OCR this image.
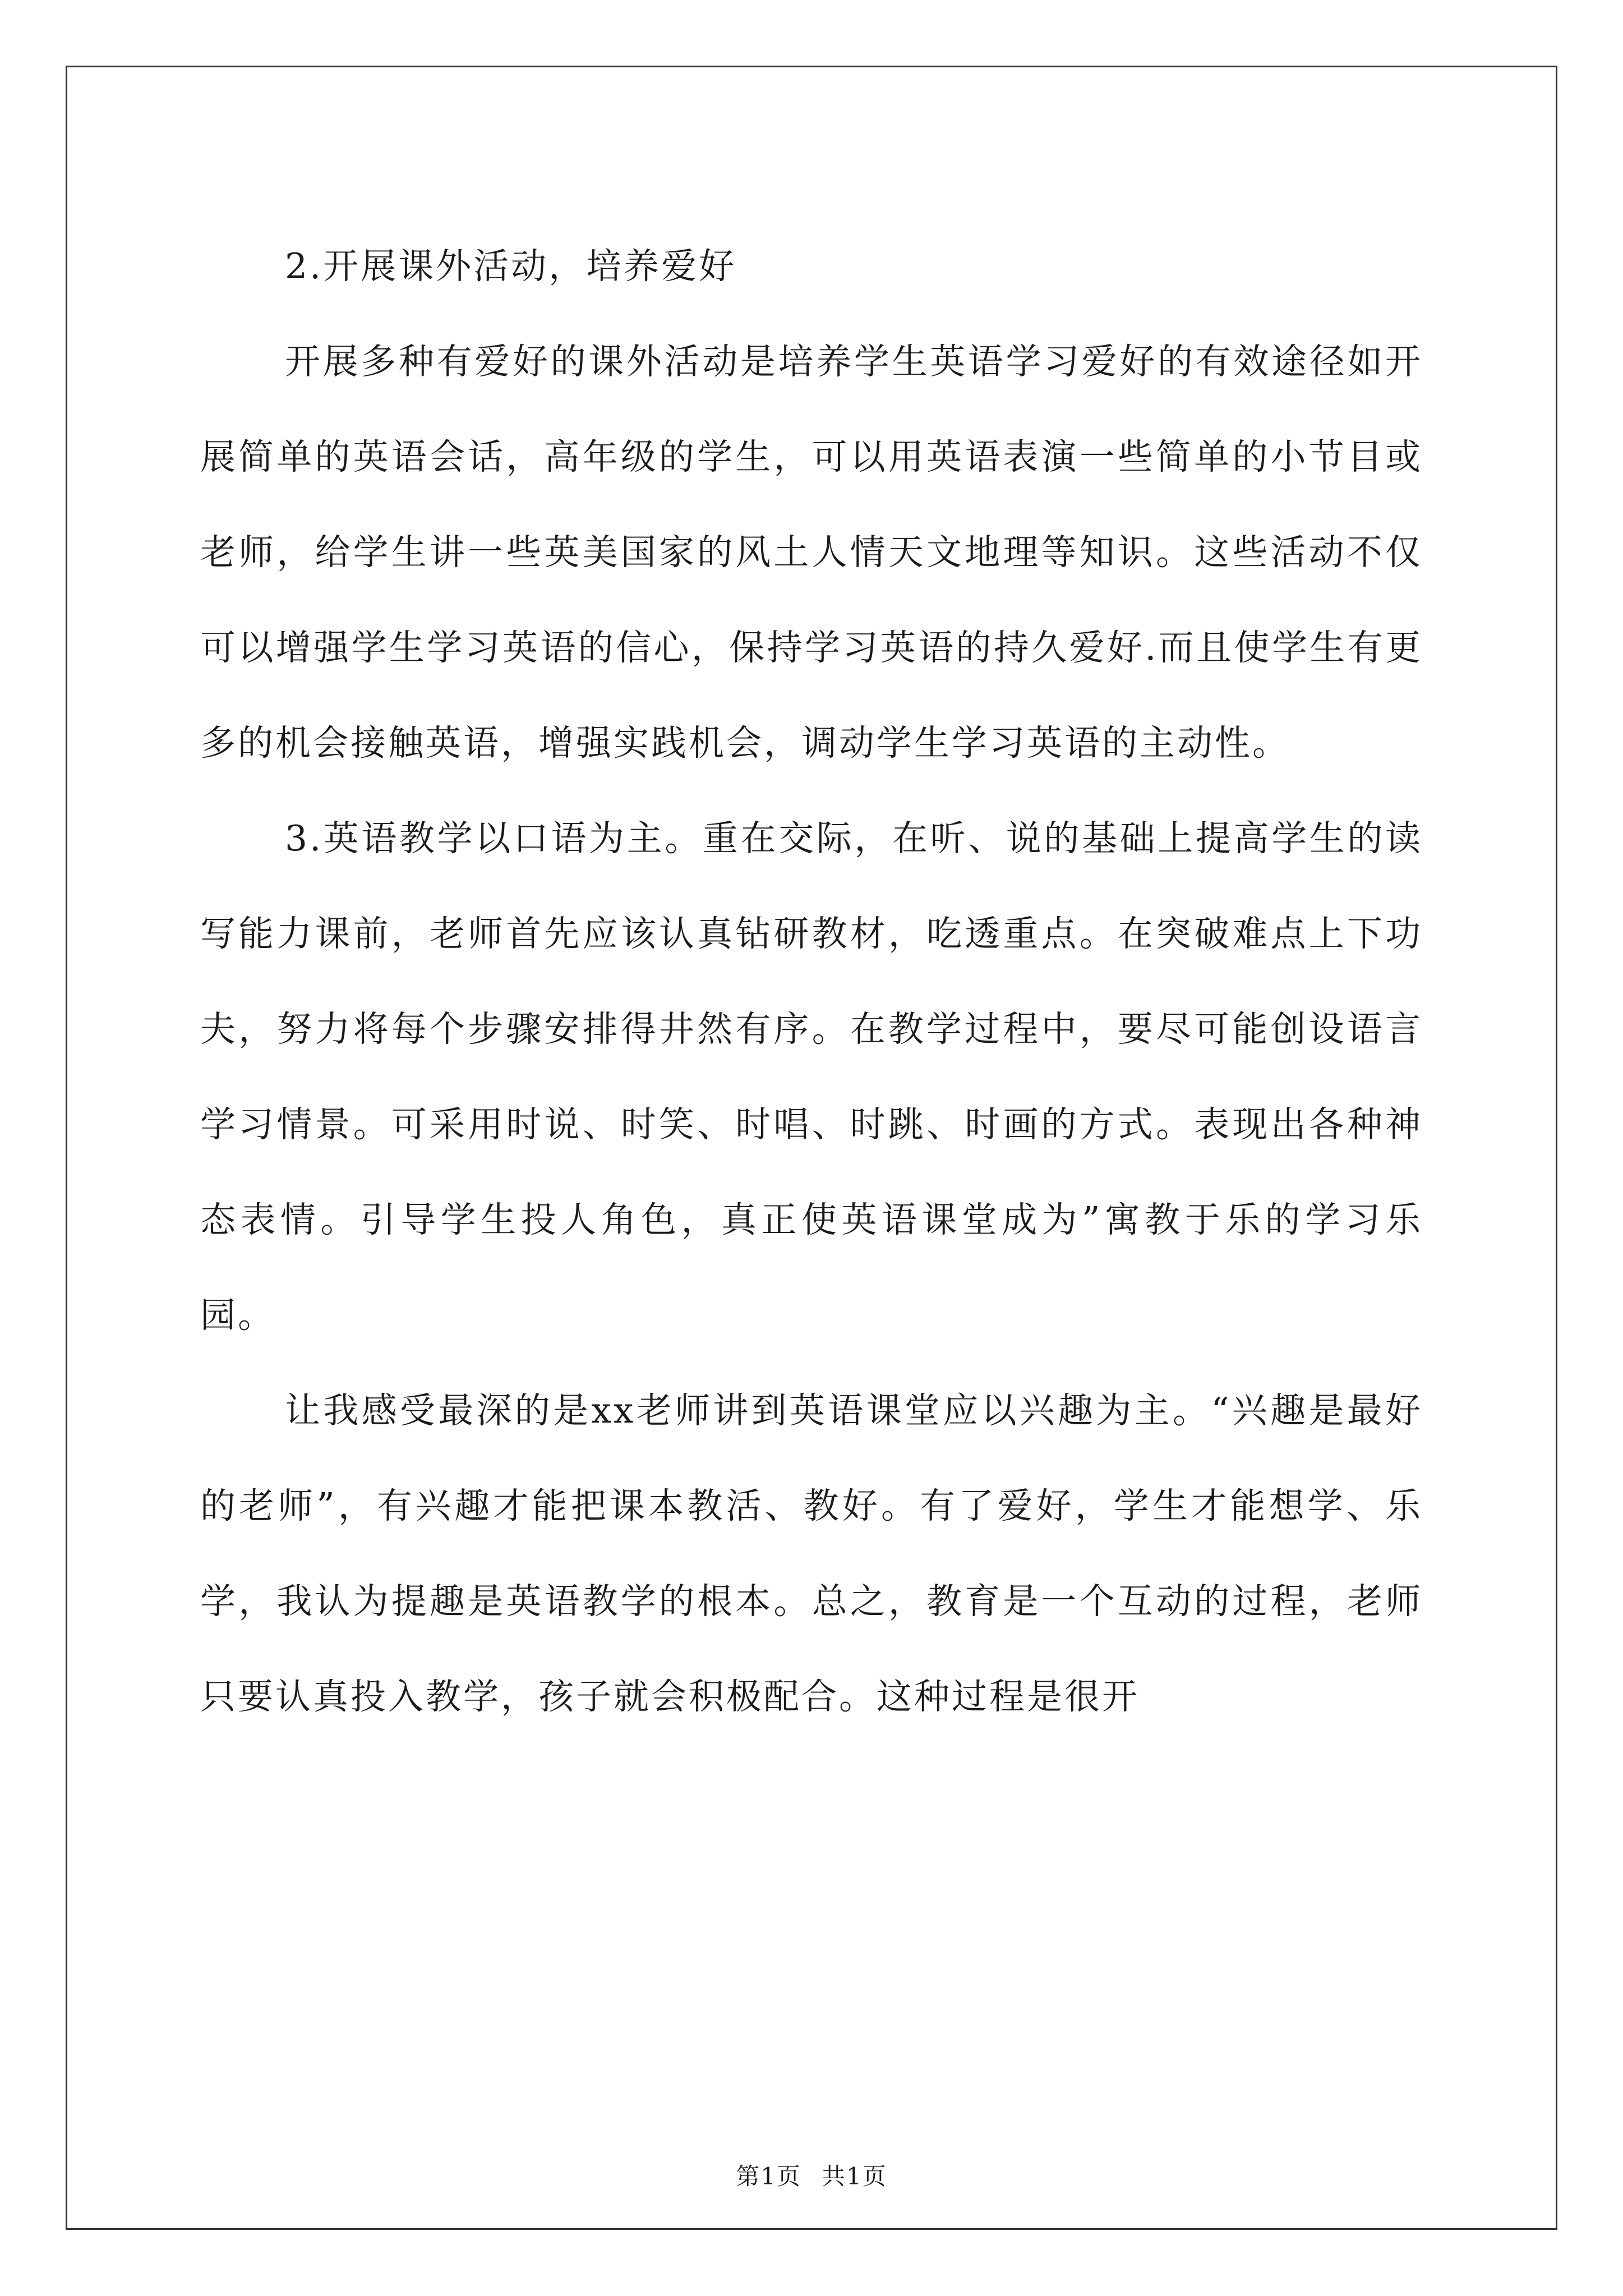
2.开展课外活动，培养爱好

开展多种有爱好的课外活动是培养学生英语学习爱好的有效途径如开展简单的英语会话，高年级的学生，可以用英语表演一些简单的小节目或老师，给学生讲一些英美国家的风土人情天文地理等知识。这些活动不仅可以增强学生学习英语的信心，保持学习英语的持久爱好.而且使学生有更多的机会接触英语，增强实践机会，调动学生学习英语的主动性。

3.英语教学以口语为主。重在交际，在听、说的基础上提高学生的读写能力课前，老师首先应该认真钻研教材，吃透重点。在突破难点上下功夫，努力将每个步骤安排得井然有序。在教学过程中，要尽可能创设语言学习情景。可采用时说、时笑、时唱、时跳、时画的方式。表现出各种神态表情。引导学生投人角色，真正使英语课堂成为”寓教于乐的学习乐园。

让我感受最深的是xx老师讲到英语课堂应以兴趣为主。“兴趣是最好的老师”，有兴趣才能把课本教活、教好。有了爱好，学生才能想学、乐学，我认为提趣是英语教学的根本。总之，教育是一个互动的过程，老师只要认真投入教学，孩子就会积极配合。这种过程是很开

第1页 共1页
